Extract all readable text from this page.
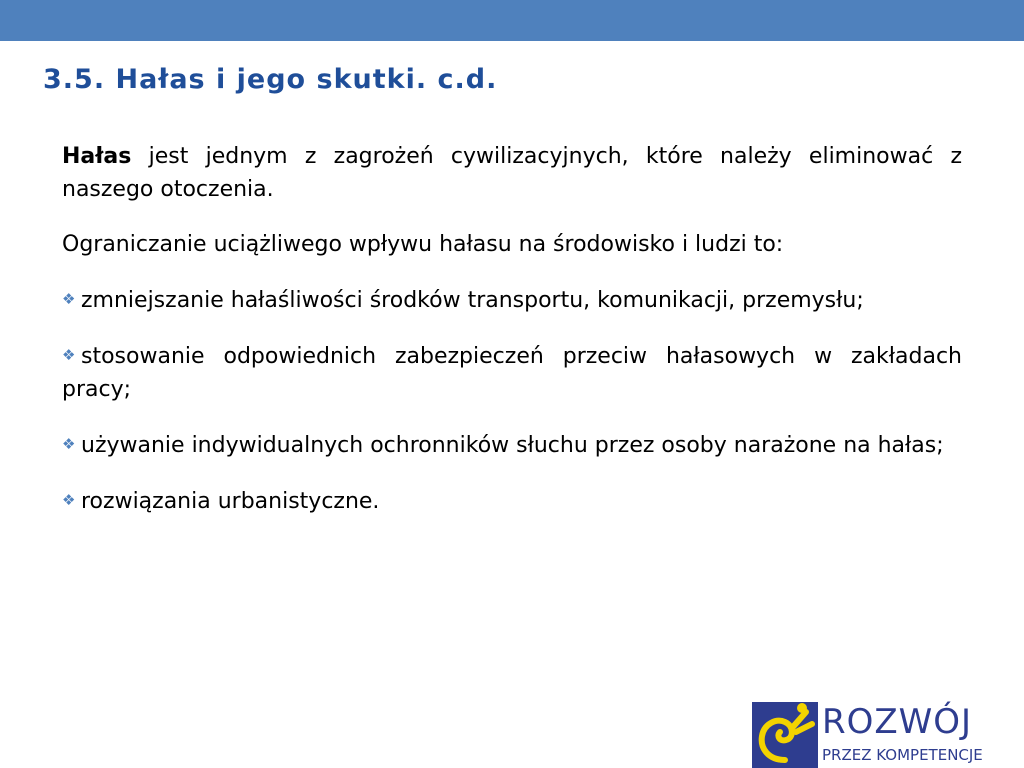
3.5. Hałas i jego skutki. c.d.

Hałas jest jednym z zagrożeń cywilizacyjnych, które należy eliminować z naszego otoczenia.

Ograniczanie uciążliwego wpływu hałasu na środowisko i ludzi to:

❖ zmniejszanie hałaśliwości środków transportu, komunikacji, przemysłu;

❖ stosowanie odpowiednich zabezpieczeń przeciw hałasowych w zakładach pracy;

❖ używanie indywidualnych ochronników słuchu przez osoby narażone na hałas;

❖ rozwiązania urbanistyczne.

ROZWÓJ
PRZEZ KOMPETENCJE
